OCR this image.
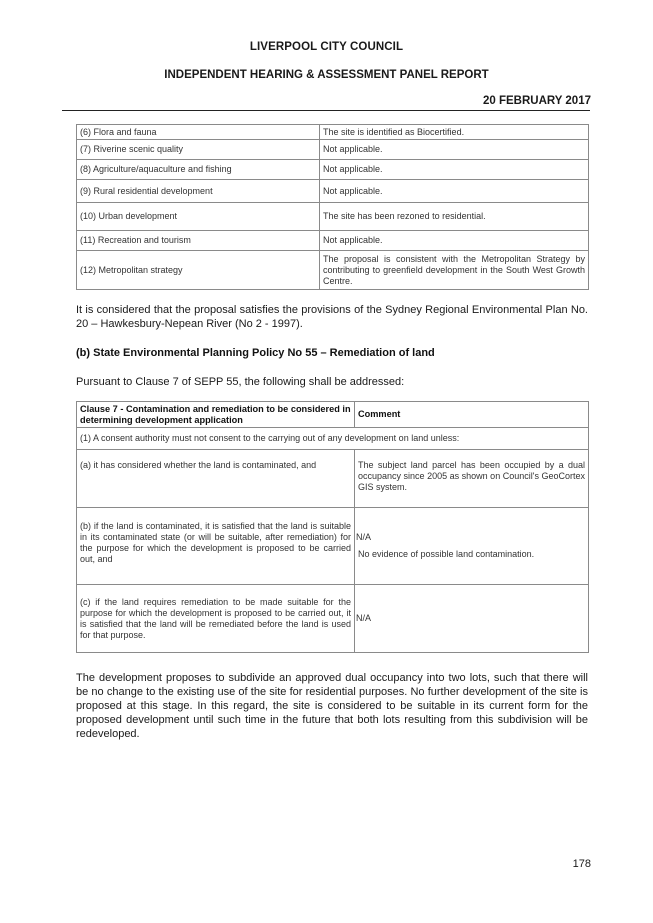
LIVERPOOL CITY COUNCIL
INDEPENDENT HEARING & ASSESSMENT PANEL REPORT
20 FEBRUARY 2017
(6) Flora and fauna	The site is identified as Biocertified.
(7) Riverine scenic quality	Not applicable.
(8) Agriculture/aquaculture and fishing	Not applicable.
(9) Rural residential development	Not applicable.
(10) Urban development	The site has been rezoned to residential.
(11) Recreation and tourism	Not applicable.
(12) Metropolitan strategy	The proposal is consistent with the Metropolitan Strategy by contributing to greenfield development in the South West Growth Centre.
It is considered that the proposal satisfies the provisions of the Sydney Regional Environmental Plan No. 20 – Hawkesbury-Nepean River (No 2 - 1997).
(b) State Environmental Planning Policy No 55 – Remediation of land
Pursuant to Clause 7 of SEPP 55, the following shall be addressed:
Clause 7 - Contamination and remediation to be considered in determining development application	Comment
(1) A consent authority must not consent to the carrying out of any development on land unless:	
(a) it has considered whether the land is contaminated, and	The subject land parcel has been occupied by a dual occupancy since 2005 as shown on Council's GeoCortex GIS system.
(b) if the land is contaminated, it is satisfied that the land is suitable in its contaminated state (or will be suitable, after remediation) for the purpose for which the development is proposed to be carried out, and	N/A
No evidence of possible land contamination.

(c) if the land requires remediation to be made suitable for the purpose for which the development is proposed to be carried out, it is satisfied that the land will be remediated before the land is used for that purpose.	N/A
The development proposes to subdivide an approved dual occupancy into two lots, such that there will be no change to the existing use of the site for residential purposes. No further development of the site is proposed at this stage. In this regard, the site is considered to be suitable in its current form for the proposed development until such time in the future that both lots resulting from this subdivision will be redeveloped.
178
